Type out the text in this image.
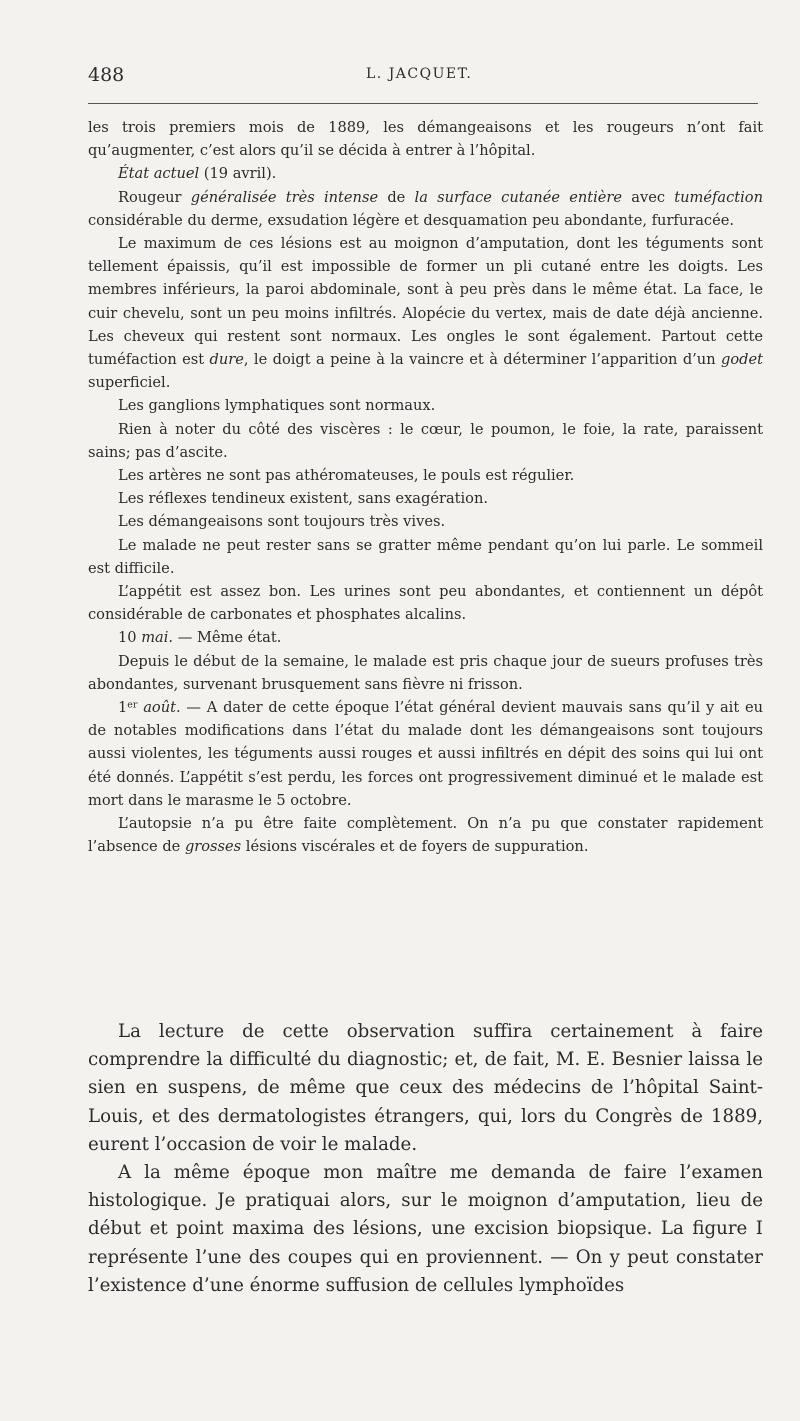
488	L. JACQUET.

les trois premiers mois de 1889, les démangeaisons et les rougeurs n’ont fait qu’augmenter, c’est alors qu’il se décida à entrer à l’hôpital.

État actuel (19 avril).

Rougeur généralisée très intense de la surface cutanée entière avec tuméfaction considérable du derme, exsudation légère et desquamation peu abondante, furfuracée.

Le maximum de ces lésions est au moignon d’amputation, dont les téguments sont tellement épaissis, qu’il est impossible de former un pli cutané entre les doigts. Les membres inférieurs, la paroi abdominale, sont à peu près dans le même état. La face, le cuir chevelu, sont un peu moins infiltrés. Alopécie du vertex, mais de date déjà ancienne. Les cheveux qui restent sont normaux. Les ongles le sont également. Partout cette tuméfaction est dure, le doigt a peine à la vaincre et à déterminer l’apparition d’un godet superficiel.

Les ganglions lymphatiques sont normaux.

Rien à noter du côté des viscères : le cœur, le poumon, le foie, la rate, paraissent sains; pas d’ascite.

Les artères ne sont pas athéromateuses, le pouls est régulier.

Les réflexes tendineux existent, sans exagération.

Les démangeaisons sont toujours très vives.

Le malade ne peut rester sans se gratter même pendant qu’on lui parle. Le sommeil est difficile.

L’appétit est assez bon. Les urines sont peu abondantes, et contiennent un dépôt considérable de carbonates et phosphates alcalins.

10 mai. — Même état.

Depuis le début de la semaine, le malade est pris chaque jour de sueurs profuses très abondantes, survenant brusquement sans fièvre ni frisson.

1er août. — A dater de cette époque l’état général devient mauvais sans qu’il y ait eu de notables modifications dans l’état du malade dont les démangeaisons sont toujours aussi violentes, les téguments aussi rouges et aussi infiltrés en dépit des soins qui lui ont été donnés. L’appétit s’est perdu, les forces ont progressivement diminué et le malade est mort dans le marasme le 5 octobre.

L’autopsie n’a pu être faite complètement. On n’a pu que constater rapidement l’absence de grosses lésions viscérales et de foyers de suppuration.

La lecture de cette observation suffira certainement à faire comprendre la difficulté du diagnostic; et, de fait, M. E. Besnier laissa le sien en suspens, de même que ceux des médecins de l’hôpital Saint-Louis, et des dermatologistes étrangers, qui, lors du Congrès de 1889, eurent l’occasion de voir le malade.

A la même époque mon maître me demanda de faire l’examen histologique. Je pratiquai alors, sur le moignon d’amputation, lieu de début et point maxima des lésions, une excision biopsique. La figure I représente l’une des coupes qui en proviennent. — On y peut constater l’existence d’une énorme suffusion de cellules lymphoïdes
